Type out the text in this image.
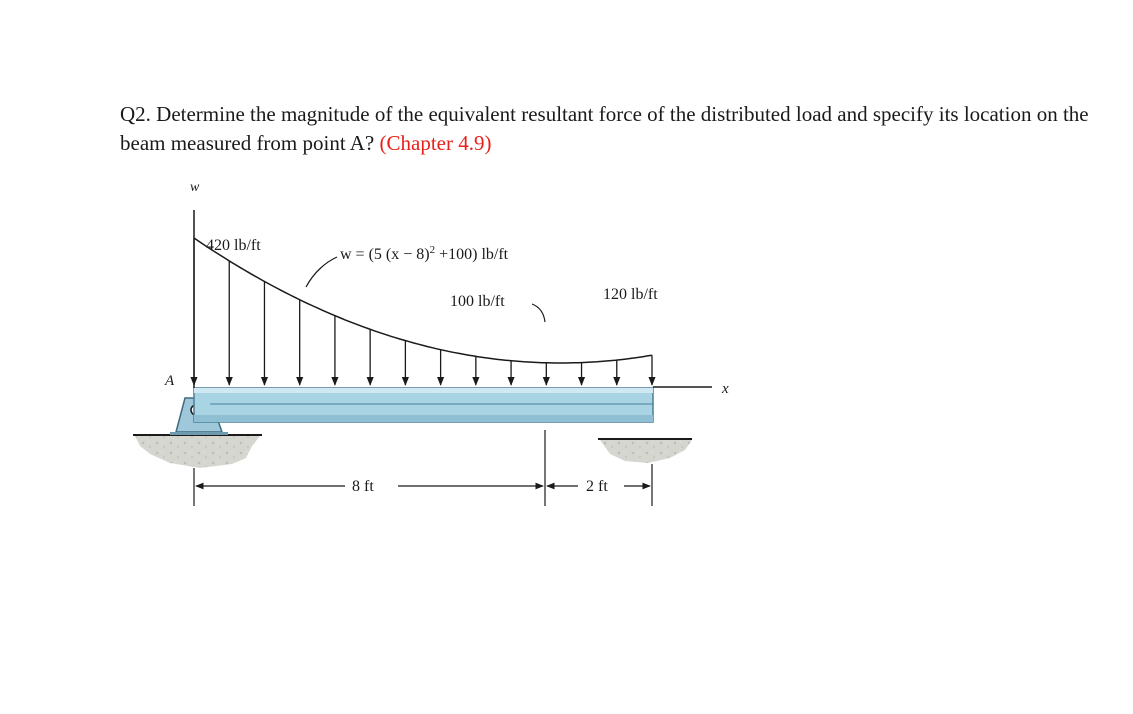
Q2. Determine the magnitude of the equivalent resultant force of the distributed load and specify its location on the beam measured from point A? (Chapter 4.9)
w
x
A
420 lb/ft
w = (5 $(x - 8)^2 +100$) lb/ft
100 lb/ft	120 lb/ft
8 ft	2 ft
